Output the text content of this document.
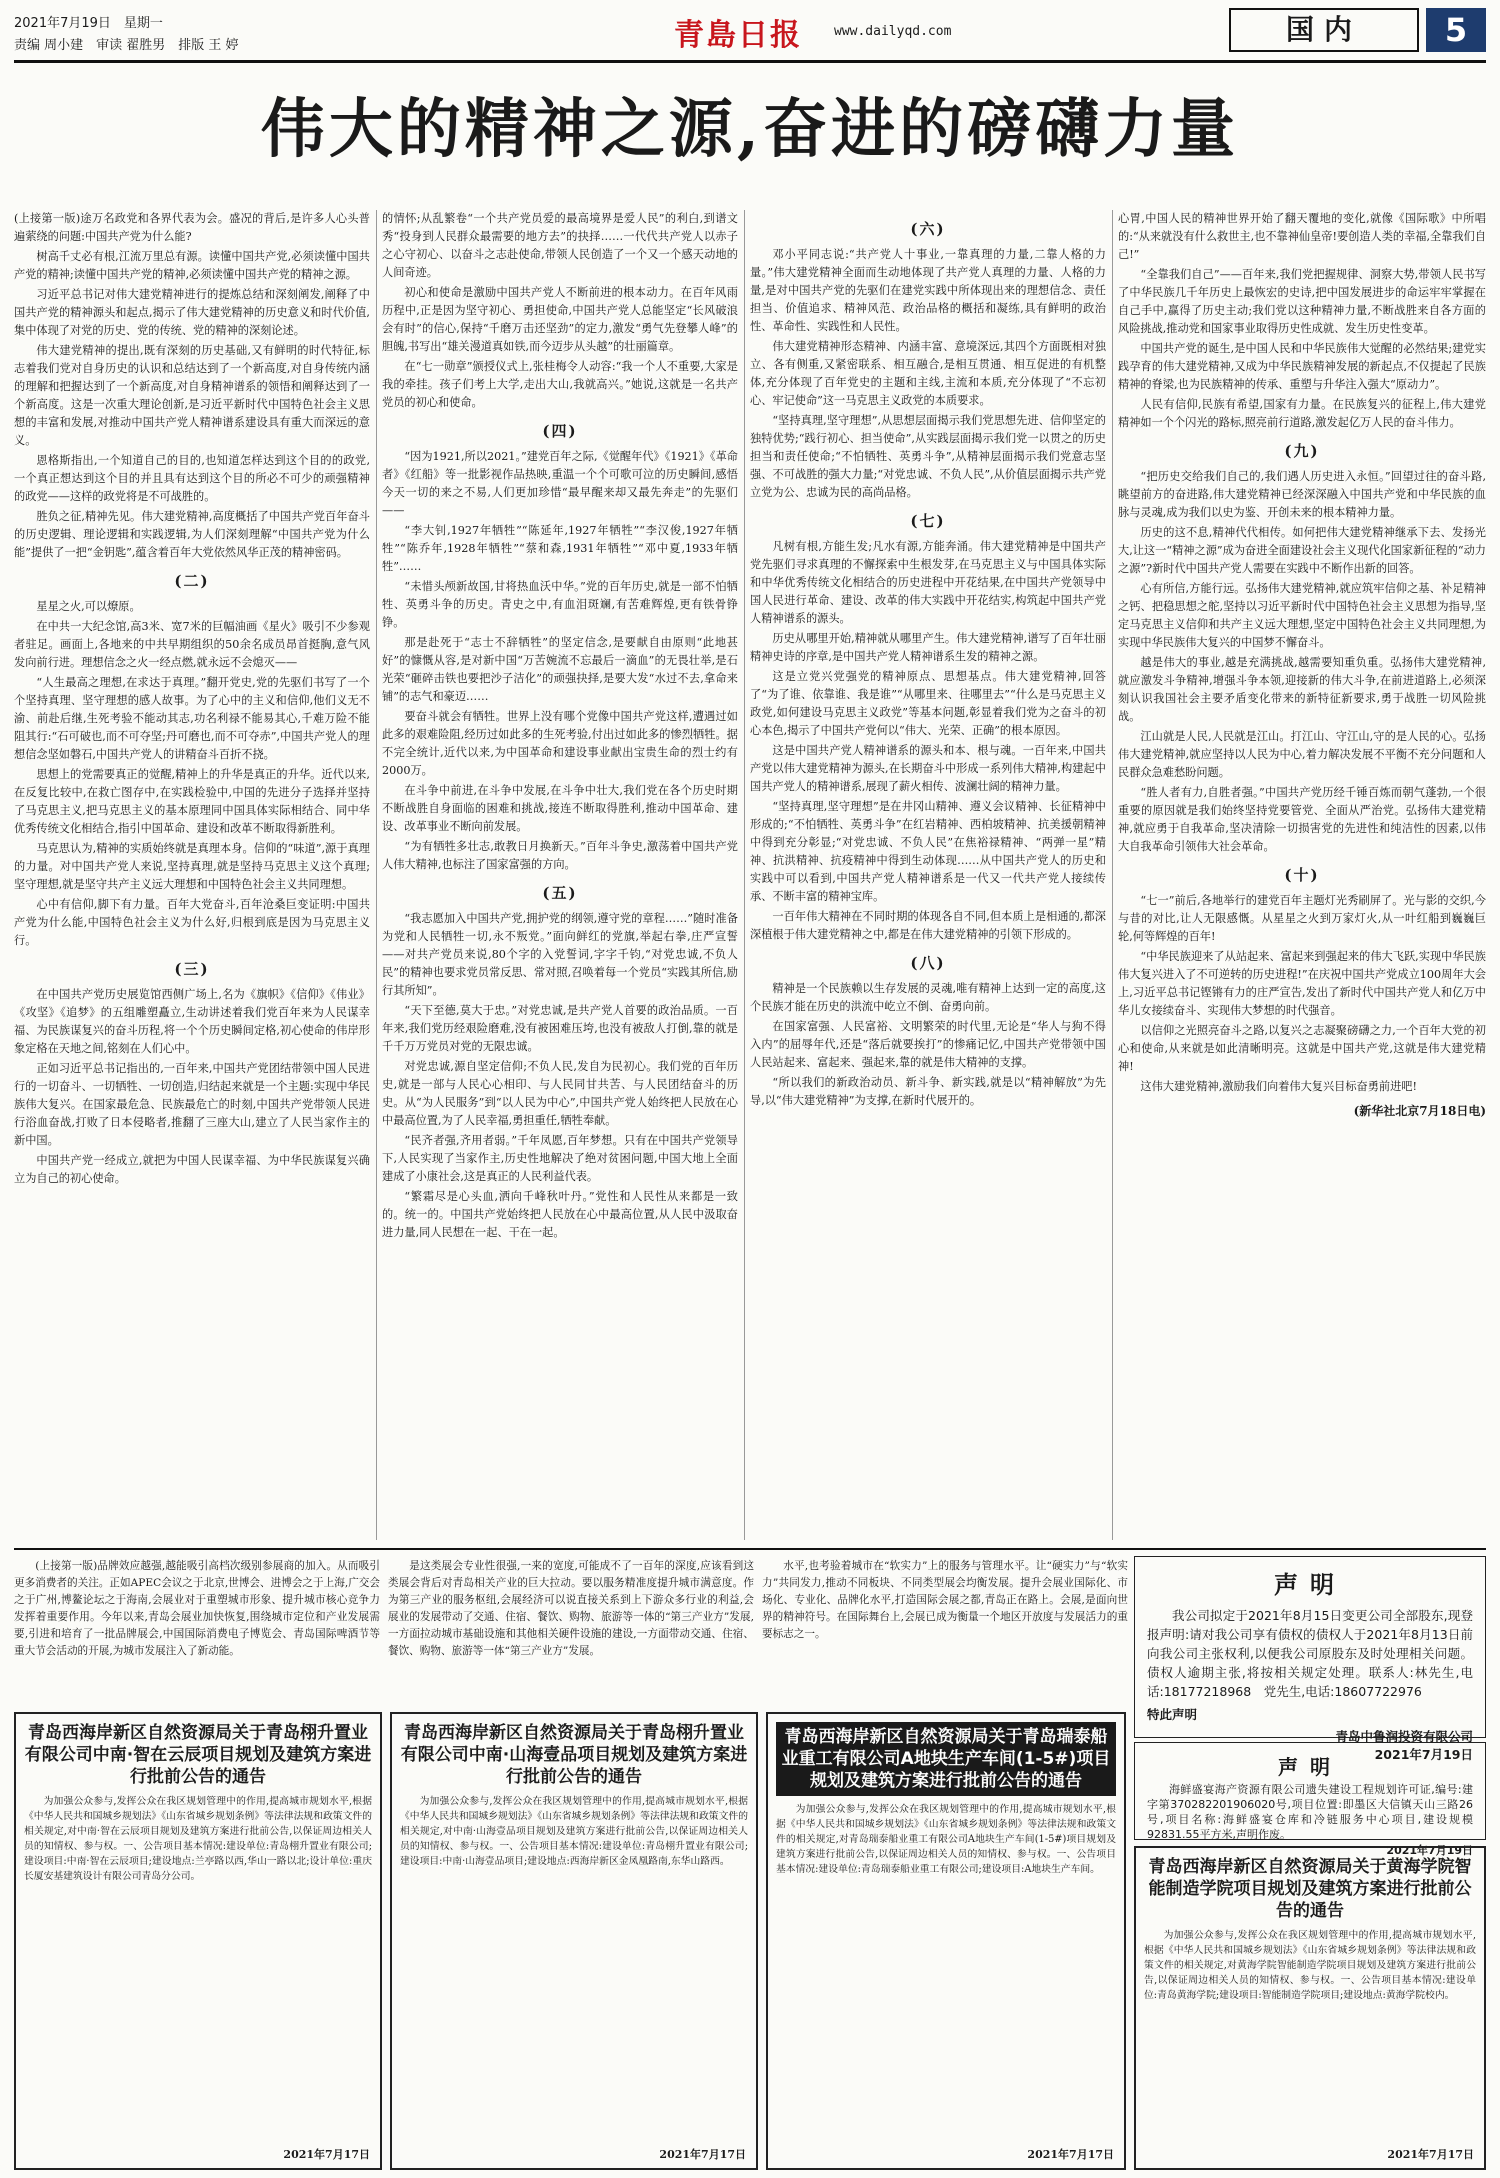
2021年7月19日　星期一
责编 周小建　审读 翟胜男　排版 王 婷	青島日报 www.dailyqd.com	国内	5
伟大的精神之源,奋进的磅礴力量

(上接第一版)途万名政党和各界代表为会。盛况的背后,是许多人心头普遍萦绕的问题:中国共产党为什么能?

树高千丈必有根,江流万里总有源。读懂中国共产党,必须读懂中国共产党的精神;读懂中国共产党的精神,必须读懂中国共产党的精神之源。

习近平总书记对伟大建党精神进行的提炼总结和深刻阐发,阐释了中国共产党的精神源头和起点,揭示了伟大建党精神的历史意义和时代价值,集中体现了对党的历史、党的传统、党的精神的深刻论述。

伟大建党精神的提出,既有深刻的历史基础,又有鲜明的时代特征,标志着我们党对自身历史的认识和总结达到了一个新高度,对自身传统内涵的理解和把握达到了一个新高度,对自身精神谱系的领悟和阐释达到了一个新高度。这是一次重大理论创新,是习近平新时代中国特色社会主义思想的丰富和发展,对推动中国共产党人精神谱系建设具有重大而深远的意义。

恩格斯指出,一个知道自己的目的,也知道怎样达到这个目的的政党,一个真正想达到这个目的并且具有达到这个目的所必不可少的顽强精神的政党——这样的政党将是不可战胜的。

胜负之征,精神先见。伟大建党精神,高度概括了中国共产党百年奋斗的历史逻辑、理论逻辑和实践逻辑,为人们深刻理解“中国共产党为什么能”提供了一把“金钥匙”,蕴含着百年大党依然风华正茂的精神密码。

(二)

星星之火,可以燎原。

在中共一大纪念馆,高3米、宽7米的巨幅油画《星火》吸引不少参观者驻足。画面上,各地来的中共早期组织的50余名成员昂首挺胸,意气风发向前行进。理想信念之火一经点燃,就永远不会熄灭——

“人生最高之理想,在求达于真理。”翻开党史,党的先驱们书写了一个个坚持真理、坚守理想的感人故事。为了心中的主义和信仰,他们义无不渝、前赴后继,生死考验不能动其志,功名利禄不能易其心,千难万险不能阻其行:“石可破也,而不可夺坚;丹可磨也,而不可夺赤”,中国共产党人的理想信念坚如磐石,中国共产党人的讲精奋斗百折不挠。

思想上的党需要真正的觉醒,精神上的升华是真正的升华。近代以来,在反复比较中,在救亡图存中,在实践检验中,中国的先进分子选择并坚持了马克思主义,把马克思主义的基本原理同中国具体实际相结合、同中华优秀传统文化相结合,指引中国革命、建设和改革不断取得新胜利。

马克思认为,精神的实质始终就是真理本身。信仰的“味道”,源于真理的力量。对中国共产党人来说,坚持真理,就是坚持马克思主义这个真理;坚守理想,就是坚守共产主义远大理想和中国特色社会主义共同理想。

心中有信仰,脚下有力量。百年大党奋斗,百年沧桑巨变证明:中国共产党为什么能,中国特色社会主义为什么好,归根到底是因为马克思主义行。

(三)

在中国共产党历史展览馆西侧广场上,名为《旗帜》《信仰》《伟业》《攻坚》《追梦》的五组雕塑矗立,生动讲述着我们党百年来为人民谋幸福、为民族谋复兴的奋斗历程,将一个个历史瞬间定格,初心使命的伟岸形象定格在天地之间,铭刻在人们心中。

正如习近平总书记指出的,一百年来,中国共产党团结带领中国人民进行的一切奋斗、一切牺牲、一切创造,归结起来就是一个主题:实现中华民族伟大复兴。在国家最危急、民族最危亡的时刻,中国共产党带领人民进行浴血奋战,打败了日本侵略者,推翻了三座大山,建立了人民当家作主的新中国。

中国共产党一经成立,就把为中国人民谋幸福、为中华民族谋复兴确立为自己的初心使命。

的情怀;从乱繁卷“一个共产党员爱的最高境界是爱人民”的利白,到谱文秀“投身到人民群众最需要的地方去”的抉择……一代代共产党人以赤子之心守初心、以奋斗之志赴使命,带领人民创造了一个又一个感天动地的人间奇迹。

初心和使命是激励中国共产党人不断前进的根本动力。在百年风雨历程中,正是因为坚守初心、勇担使命,中国共产党人总能坚定“长风破浪会有时”的信心,保持“千磨万击还坚劲”的定力,激发“勇气先登攀人峰”的胆魄,书写出“雄关漫道真如铁,而今迈步从头越”的壮丽篇章。

在“七一勋章”颁授仪式上,张桂梅令人动容:“我一个人不重要,大家是我的牵挂。孩子们考上大学,走出大山,我就高兴。”她说,这就是一名共产党员的初心和使命。

(四)

“因为1921,所以2021。”建党百年之际,《觉醒年代》《1921》《革命者》《红船》等一批影视作品热映,重温一个个可歌可泣的历史瞬间,感悟今天一切的来之不易,人们更加珍惜“最早醒来却又最先奔走”的先驱们——

“李大钊,1927年牺牲”“陈延年,1927年牺牲”“李汉俊,1927年牺牲”“陈乔年,1928年牺牲”“蔡和森,1931年牺牲”“邓中夏,1933年牺牲”……

“未惜头颅新故国,甘将热血沃中华。”党的百年历史,就是一部不怕牺牲、英勇斗争的历史。青史之中,有血泪斑斓,有苦难辉煌,更有铁骨铮铮。

那是赴死于“志士不辞牺牲”的坚定信念,是要献自由原则“此地甚好”的慷慨从容,是对新中国“万苦婉流不忘最后一滴血”的无畏壮举,是石光荣“砸碎击铁也要把沙子洁化”的顽强抉择,是要大发“水过不去,拿命来铺”的志气和豪迈……

要奋斗就会有牺牲。世界上没有哪个党像中国共产党这样,遭遇过如此多的艰难险阻,经历过如此多的生死考验,付出过如此多的惨烈牺牲。据不完全统计,近代以来,为中国革命和建设事业献出宝贵生命的烈士约有2000万。

在斗争中前进,在斗争中发展,在斗争中壮大,我们党在各个历史时期不断战胜自身面临的困难和挑战,接连不断取得胜利,推动中国革命、建设、改革事业不断向前发展。

“为有牺牲多壮志,敢教日月换新天。”百年斗争史,激荡着中国共产党人伟大精神,也标注了国家富强的方向。

(五)

“我志愿加入中国共产党,拥护党的纲领,遵守党的章程……”随时准备为党和人民牺牲一切,永不叛党。”面向鲜红的党旗,举起右拳,庄严宣誓——对共产党员来说,80个字的入党誓词,字字千钧,“对党忠诚,不负人民”的精神也要求党员常反思、常对照,召唤着每一个党员“实践其所信,励行其所知”。

“天下至德,莫大于忠。”对党忠诚,是共产党人首要的政治品质。一百年来,我们党历经艰险磨难,没有被困难压垮,也没有被敌人打倒,靠的就是千千万万党员对党的无限忠诚。

对党忠诚,源自坚定信仰;不负人民,发自为民初心。我们党的百年历史,就是一部与人民心心相印、与人民同甘共苦、与人民团结奋斗的历史。从“为人民服务”到“以人民为中心”,中国共产党人始终把人民放在心中最高位置,为了人民幸福,勇担重任,牺牲奉献。

“民齐者强,齐用者弱。”千年凤愿,百年梦想。只有在中国共产党领导下,人民实现了当家作主,历史性地解决了绝对贫困问题,中国大地上全面建成了小康社会,这是真正的人民利益代表。

“繁霜尽是心头血,洒向千峰秋叶丹。”党性和人民性从来都是一致的。统一的。中国共产党始终把人民放在心中最高位置,从人民中汲取奋进力量,同人民想在一起、干在一起。

(六)

邓小平同志说:“共产党人十事业,一靠真理的力量,二靠人格的力量。”伟大建党精神全面而生动地体现了共产党人真理的力量、人格的力量,是对中国共产党的先驱们在建党实践中所体现出来的理想信念、责任担当、价值追求、精神风范、政治品格的概括和凝练,具有鲜明的政治性、革命性、实践性和人民性。

伟大建党精神形态精神、内涵丰富、意境深远,其四个方面既相对独立、各有侧重,又紧密联系、相互融合,是相互贯通、相互促进的有机整体,充分体现了百年党史的主题和主线,主流和本质,充分体现了“不忘初心、牢记使命”这一马克思主义政党的本质要求。

“坚持真理,坚守理想”,从思想层面揭示我们党思想先进、信仰坚定的独特优势;“践行初心、担当使命”,从实践层面揭示我们党一以贯之的历史担当和责任使命;“不怕牺牲、英勇斗争”,从精神层面揭示我们党意志坚强、不可战胜的强大力量;“对党忠诚、不负人民”,从价值层面揭示共产党立党为公、忠诚为民的高尚品格。

(七)

凡树有根,方能生发;凡水有源,方能奔涌。伟大建党精神是中国共产党先驱们寻求真理的不懈探索中生根发芽,在马克思主义与中国具体实际和中华优秀传统文化相结合的历史进程中开花结果,在中国共产党领导中国人民进行革命、建设、改革的伟大实践中开花结实,构筑起中国共产党人精神谱系的源头。

历史从哪里开始,精神就从哪里产生。伟大建党精神,谱写了百年壮丽精神史诗的序章,是中国共产党人精神谱系生发的精神之源。

这是立党兴党强党的精神原点、思想基点。伟大建党精神,回答了“为了谁、依靠谁、我是谁”“从哪里来、往哪里去”“什么是马克思主义政党,如何建设马克思主义政党”等基本问题,彰显着我们党为之奋斗的初心本色,揭示了中国共产党何以“伟大、光荣、正确”的根本原因。

这是中国共产党人精神谱系的源头和本、根与魂。一百年来,中国共产党以伟大建党精神为源头,在长期奋斗中形成一系列伟大精神,构建起中国共产党人的精神谱系,展现了薪火相传、波澜壮阔的精神力量。

“坚持真理,坚守理想”是在井冈山精神、遵义会议精神、长征精神中形成的;“不怕牺牲、英勇斗争”在红岩精神、西柏坡精神、抗美援朝精神中得到充分彰显;“对党忠诚、不负人民”在焦裕禄精神、“两弹一星”精神、抗洪精神、抗疫精神中得到生动体现……从中国共产党人的历史和实践中可以看到,中国共产党人精神谱系是一代又一代共产党人接续传承、不断丰富的精神宝库。

一百年伟大精神在不同时期的体现各自不同,但本质上是相通的,都深深植根于伟大建党精神之中,都是在伟大建党精神的引领下形成的。

(八)

精神是一个民族赖以生存发展的灵魂,唯有精神上达到一定的高度,这个民族才能在历史的洪流中屹立不倒、奋勇向前。

在国家富强、人民富裕、文明繁荣的时代里,无论是“华人与狗不得入内”的屈辱年代,还是“落后就要挨打”的惨痛记忆,中国共产党带领中国人民站起来、富起来、强起来,靠的就是伟大精神的支撑。

“所以我们的新政治动员、新斗争、新实践,就是以“精神解放”为先导,以“伟大建党精神”为支撑,在新时代展开的。

心胃,中国人民的精神世界开始了翻天覆地的变化,就像《国际歌》中所唱的:“从来就没有什么救世主,也不靠神仙皇帝!要创造人类的幸福,全靠我们自己!”

“全靠我们自己”——百年来,我们党把握规律、洞察大势,带领人民书写了中华民族几千年历史上最恢宏的史诗,把中国发展进步的命运牢牢掌握在自己手中,赢得了历史主动;我们党以这种精神力量,不断战胜来自各方面的风险挑战,推动党和国家事业取得历史性成就、发生历史性变革。

中国共产党的诞生,是中国人民和中华民族伟大觉醒的必然结果;建党实践孕育的伟大建党精神,又成为中华民族精神发展的新起点,不仅提起了民族精神的脊梁,也为民族精神的传承、重塑与升华注入强大“原动力”。

人民有信仰,民族有希望,国家有力量。在民族复兴的征程上,伟大建党精神如一个个闪光的路标,照亮前行道路,激发起亿万人民的奋斗伟力。

(九)

“把历史交给我们自己的,我们遇人历史进入永恒。”回望过往的奋斗路,眺望前方的奋进路,伟大建党精神已经深深融入中国共产党和中华民族的血脉与灵魂,成为我们以史为鉴、开创未来的根本精神力量。

历史的这不息,精神代代相传。如何把伟大建党精神继承下去、发扬光大,让这一“精神之源”成为奋进全面建设社会主义现代化国家新征程的“动力之源”?新时代中国共产党人需要在实践中不断作出新的回答。

心有所信,方能行远。弘扬伟大建党精神,就应筑牢信仰之基、补足精神之钙、把稳思想之舵,坚持以习近平新时代中国特色社会主义思想为指导,坚定马克思主义信仰和共产主义远大理想,坚定中国特色社会主义共同理想,为实现中华民族伟大复兴的中国梦不懈奋斗。

越是伟大的事业,越是充满挑战,越需要知重负重。弘扬伟大建党精神,就应激发斗争精神,增强斗争本领,迎接新的伟大斗争,在前进道路上,必须深刻认识我国社会主要矛盾变化带来的新特征新要求,勇于战胜一切风险挑战。

江山就是人民,人民就是江山。打江山、守江山,守的是人民的心。弘扬伟大建党精神,就应坚持以人民为中心,着力解决发展不平衡不充分问题和人民群众急难愁盼问题。

“胜人者有力,自胜者强。”中国共产党历经千锤百炼而朝气蓬勃,一个很重要的原因就是我们始终坚持党要管党、全面从严治党。弘扬伟大建党精神,就应勇于自我革命,坚决清除一切损害党的先进性和纯洁性的因素,以伟大自我革命引领伟大社会革命。

(十)

“七一”前后,各地举行的建党百年主题灯光秀刷屏了。光与影的交织,今与昔的对比,让人无限感慨。从星星之火到万家灯火,从一叶红船到巍巍巨轮,何等辉煌的百年!

“中华民族迎来了从站起来、富起来到强起来的伟大飞跃,实现中华民族伟大复兴进入了不可逆转的历史进程!”在庆祝中国共产党成立100周年大会上,习近平总书记铿锵有力的庄严宣告,发出了新时代中国共产党人和亿万中华儿女接续奋斗、实现伟大梦想的时代强音。

以信仰之光照亮奋斗之路,以复兴之志凝聚磅礴之力,一个百年大党的初心和使命,从来就是如此清晰明亮。这就是中国共产党,这就是伟大建党精神!

这伟大建党精神,激励我们向着伟大复兴目标奋勇前进吧!

(新华社北京7月18日电)

(上接第一版)品牌效应越强,越能吸引高档次级别参展商的加入。从而吸引更多消费者的关注。正如APEC会议之于北京,世博会、进博会之于上海,广交会之于广州,博鳌论坛之于海南,会展业对于重塑城市形象、提升城市核心竞争力发挥着重要作用。今年以来,青岛会展业加快恢复,围绕城市定位和产业发展需要,引进和培育了一批品牌展会,中国国际消费电子博览会、青岛国际啤酒节等重大节会活动的开展,为城市发展注入了新动能。

是这类展会专业性很强,一来的宽度,可能成不了一百年的深度,应该看到这类展会背后对青岛相关产业的巨大拉动。要以服务精准度提升城市满意度。作为第三产业的服务枢纽,会展经济可以说直接关系到上下游众多行业的利益,会展业的发展带动了交通、住宿、餐饮、购物、旅游等一体的“第三产业方”发展,一方面拉动城市基础设施和其他相关硬件设施的建设,一方面带动交通、住宿、餐饮、购物、旅游等一体“第三产业方”发展。

水平,也考验着城市在“软实力”上的服务与管理水平。让“硬实力”与“软实力”共同发力,推动不同板块、不同类型展会均衡发展。提升会展业国际化、市场化、专业化、品牌化水平,打造国际会展之都,青岛正在路上。会展,是面向世界的精神符号。在国际舞台上,会展已成为衡量一个地区开放度与发展活力的重要标志之一。

声明
我公司拟定于2021年8月15日变更公司全部股东,现登报声明:请对我公司享有债权的债权人于2021年8月13日前向我公司主张权利,以便我公司原股东及时处理相关问题。债权人逾期主张,将按相关规定处理。联系人:林先生,电话:18177218968　党先生,电话:18607722976
特此声明
青岛中鲁润投资有限公司
2021年7月19日
声明
海鲜盛宴海产资源有限公司遗失建设工程规划许可证,编号:建字第370282201906020号,项目位置:即墨区大信镇天山三路26号,项目名称:海鲜盛宴仓库和冷链服务中心项目,建设规模92831.55平方米,声明作废。
2021年7月19日
青岛西海岸新区自然资源局关于青岛栩升置业有限公司中南·智在云辰项目规划及建筑方案进行批前公告的通告

为加强公众参与,发挥公众在我区规划管理中的作用,提高城市规划水平,根据《中华人民共和国城乡规划法》《山东省城乡规划条例》等法律法规和政策文件的相关规定,对中南·智在云辰项目规划及建筑方案进行批前公告,以保证周边相关人员的知情权、参与权。一、公告项目基本情况:建设单位:青岛栩升置业有限公司;建设项目:中南·智在云辰项目;建设地点:兰亭路以西,华山一路以北;设计单位:重庆长厦安基建筑设计有限公司青岛分公司。

2021年7月17日
青岛西海岸新区自然资源局关于青岛栩升置业有限公司中南·山海壹品项目规划及建筑方案进行批前公告的通告

为加强公众参与,发挥公众在我区规划管理中的作用,提高城市规划水平,根据《中华人民共和国城乡规划法》《山东省城乡规划条例》等法律法规和政策文件的相关规定,对中南·山海壹品项目规划及建筑方案进行批前公告,以保证周边相关人员的知情权、参与权。一、公告项目基本情况:建设单位:青岛栩升置业有限公司;建设项目:中南·山海壹品项目;建设地点:西海岸新区金凤凰路南,东华山路西。

2021年7月17日
青岛西海岸新区自然资源局关于青岛瑞泰船业重工有限公司A地块生产车间(1-5#)项目规划及建筑方案进行批前公告的通告

为加强公众参与,发挥公众在我区规划管理中的作用,提高城市规划水平,根据《中华人民共和国城乡规划法》《山东省城乡规划条例》等法律法规和政策文件的相关规定,对青岛瑞泰船业重工有限公司A地块生产车间(1-5#)项目规划及建筑方案进行批前公告,以保证周边相关人员的知情权、参与权。一、公告项目基本情况:建设单位:青岛瑞泰船业重工有限公司;建设项目:A地块生产车间。

2021年7月17日
青岛西海岸新区自然资源局关于黄海学院智能制造学院项目规划及建筑方案进行批前公告的通告

为加强公众参与,发挥公众在我区规划管理中的作用,提高城市规划水平,根据《中华人民共和国城乡规划法》《山东省城乡规划条例》等法律法规和政策文件的相关规定,对黄海学院智能制造学院项目规划及建筑方案进行批前公告,以保证周边相关人员的知情权、参与权。一、公告项目基本情况:建设单位:青岛黄海学院;建设项目:智能制造学院项目;建设地点:黄海学院校内。

2021年7月17日
